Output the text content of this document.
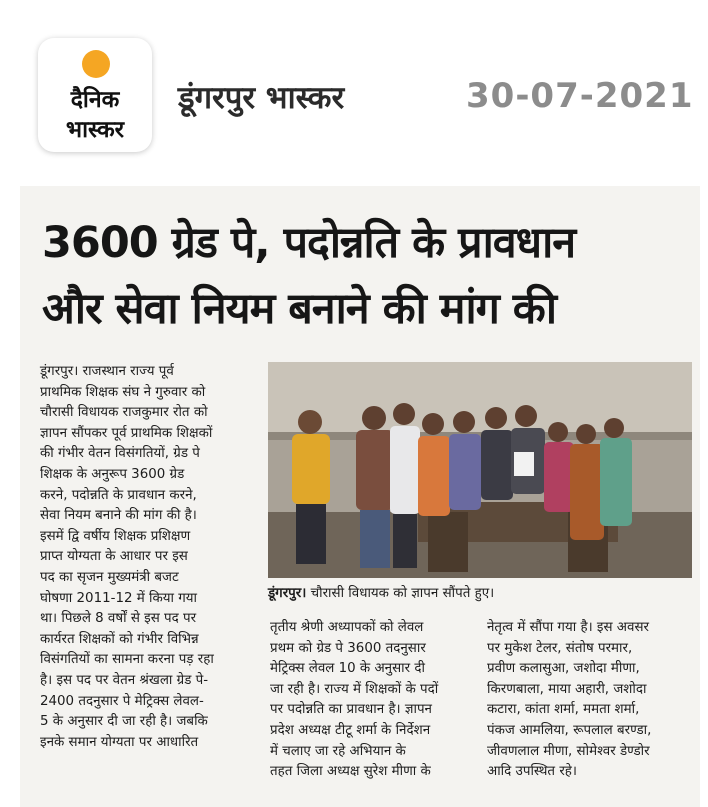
दैनिक
भास्कर
डूंगरपुर भास्कर	30-07-2021
3600 ग्रेड पे, पदोन्नति के प्रावधान
और सेवा नियम बनाने की मांग की
डूंगरपुर। राजस्थान राज्य पूर्व
प्राथमिक शिक्षक संघ ने गुरुवार को
चौरासी विधायक राजकुमार रोत को
ज्ञापन सौंपकर पूर्व प्राथमिक शिक्षकों
की गंभीर वेतन विसंगतियों, ग्रेड पे
शिक्षक के अनुरूप 3600 ग्रेड
करने, पदोन्नति के प्रावधान करने,
सेवा नियम बनाने की मांग की है।
इसमें द्वि वर्षीय शिक्षक प्रशिक्षण
प्राप्त योग्यता के आधार पर इस
पद का सृजन मुख्यमंत्री बजट
घोषणा 2011-12 में किया गया
था। पिछले 8 वर्षों से इस पद पर
कार्यरत शिक्षकों को गंभीर विभिन्न
विसंगतियों का सामना करना पड़ रहा
है। इस पद पर वेतन श्रंखला ग्रेड पे-
2400 तदनुसार पे मेट्रिक्स लेवल-
5 के अनुसार दी जा रही है। जबकि
इनके समान योग्यता पर आधारित
डूंगरपुर। चौरासी विधायक को ज्ञापन सौंपते हुए।
तृतीय श्रेणी अध्यापकों को लेवल
प्रथम को ग्रेड पे 3600 तदनुसार
मेट्रिक्स लेवल 10 के अनुसार दी
जा रही है। राज्य में शिक्षकों के पदों
पर पदोन्नति का प्रावधान है। ज्ञापन
प्रदेश अध्यक्ष टीटू शर्मा के निर्देशन
में चलाए जा रहे अभियान के
तहत जिला अध्यक्ष सुरेश मीणा के
नेतृत्व में सौंपा गया है। इस अवसर
पर मुकेश टेलर, संतोष परमार,
प्रवीण कलासुआ, जशोदा मीणा,
किरणबाला, माया अहारी, जशोदा
कटारा, कांता शर्मा, ममता शर्मा,
पंकज आमलिया, रूपलाल बरण्डा,
जीवणलाल मीणा, सोमेश्वर डेण्डोर
आदि उपस्थित रहे।
